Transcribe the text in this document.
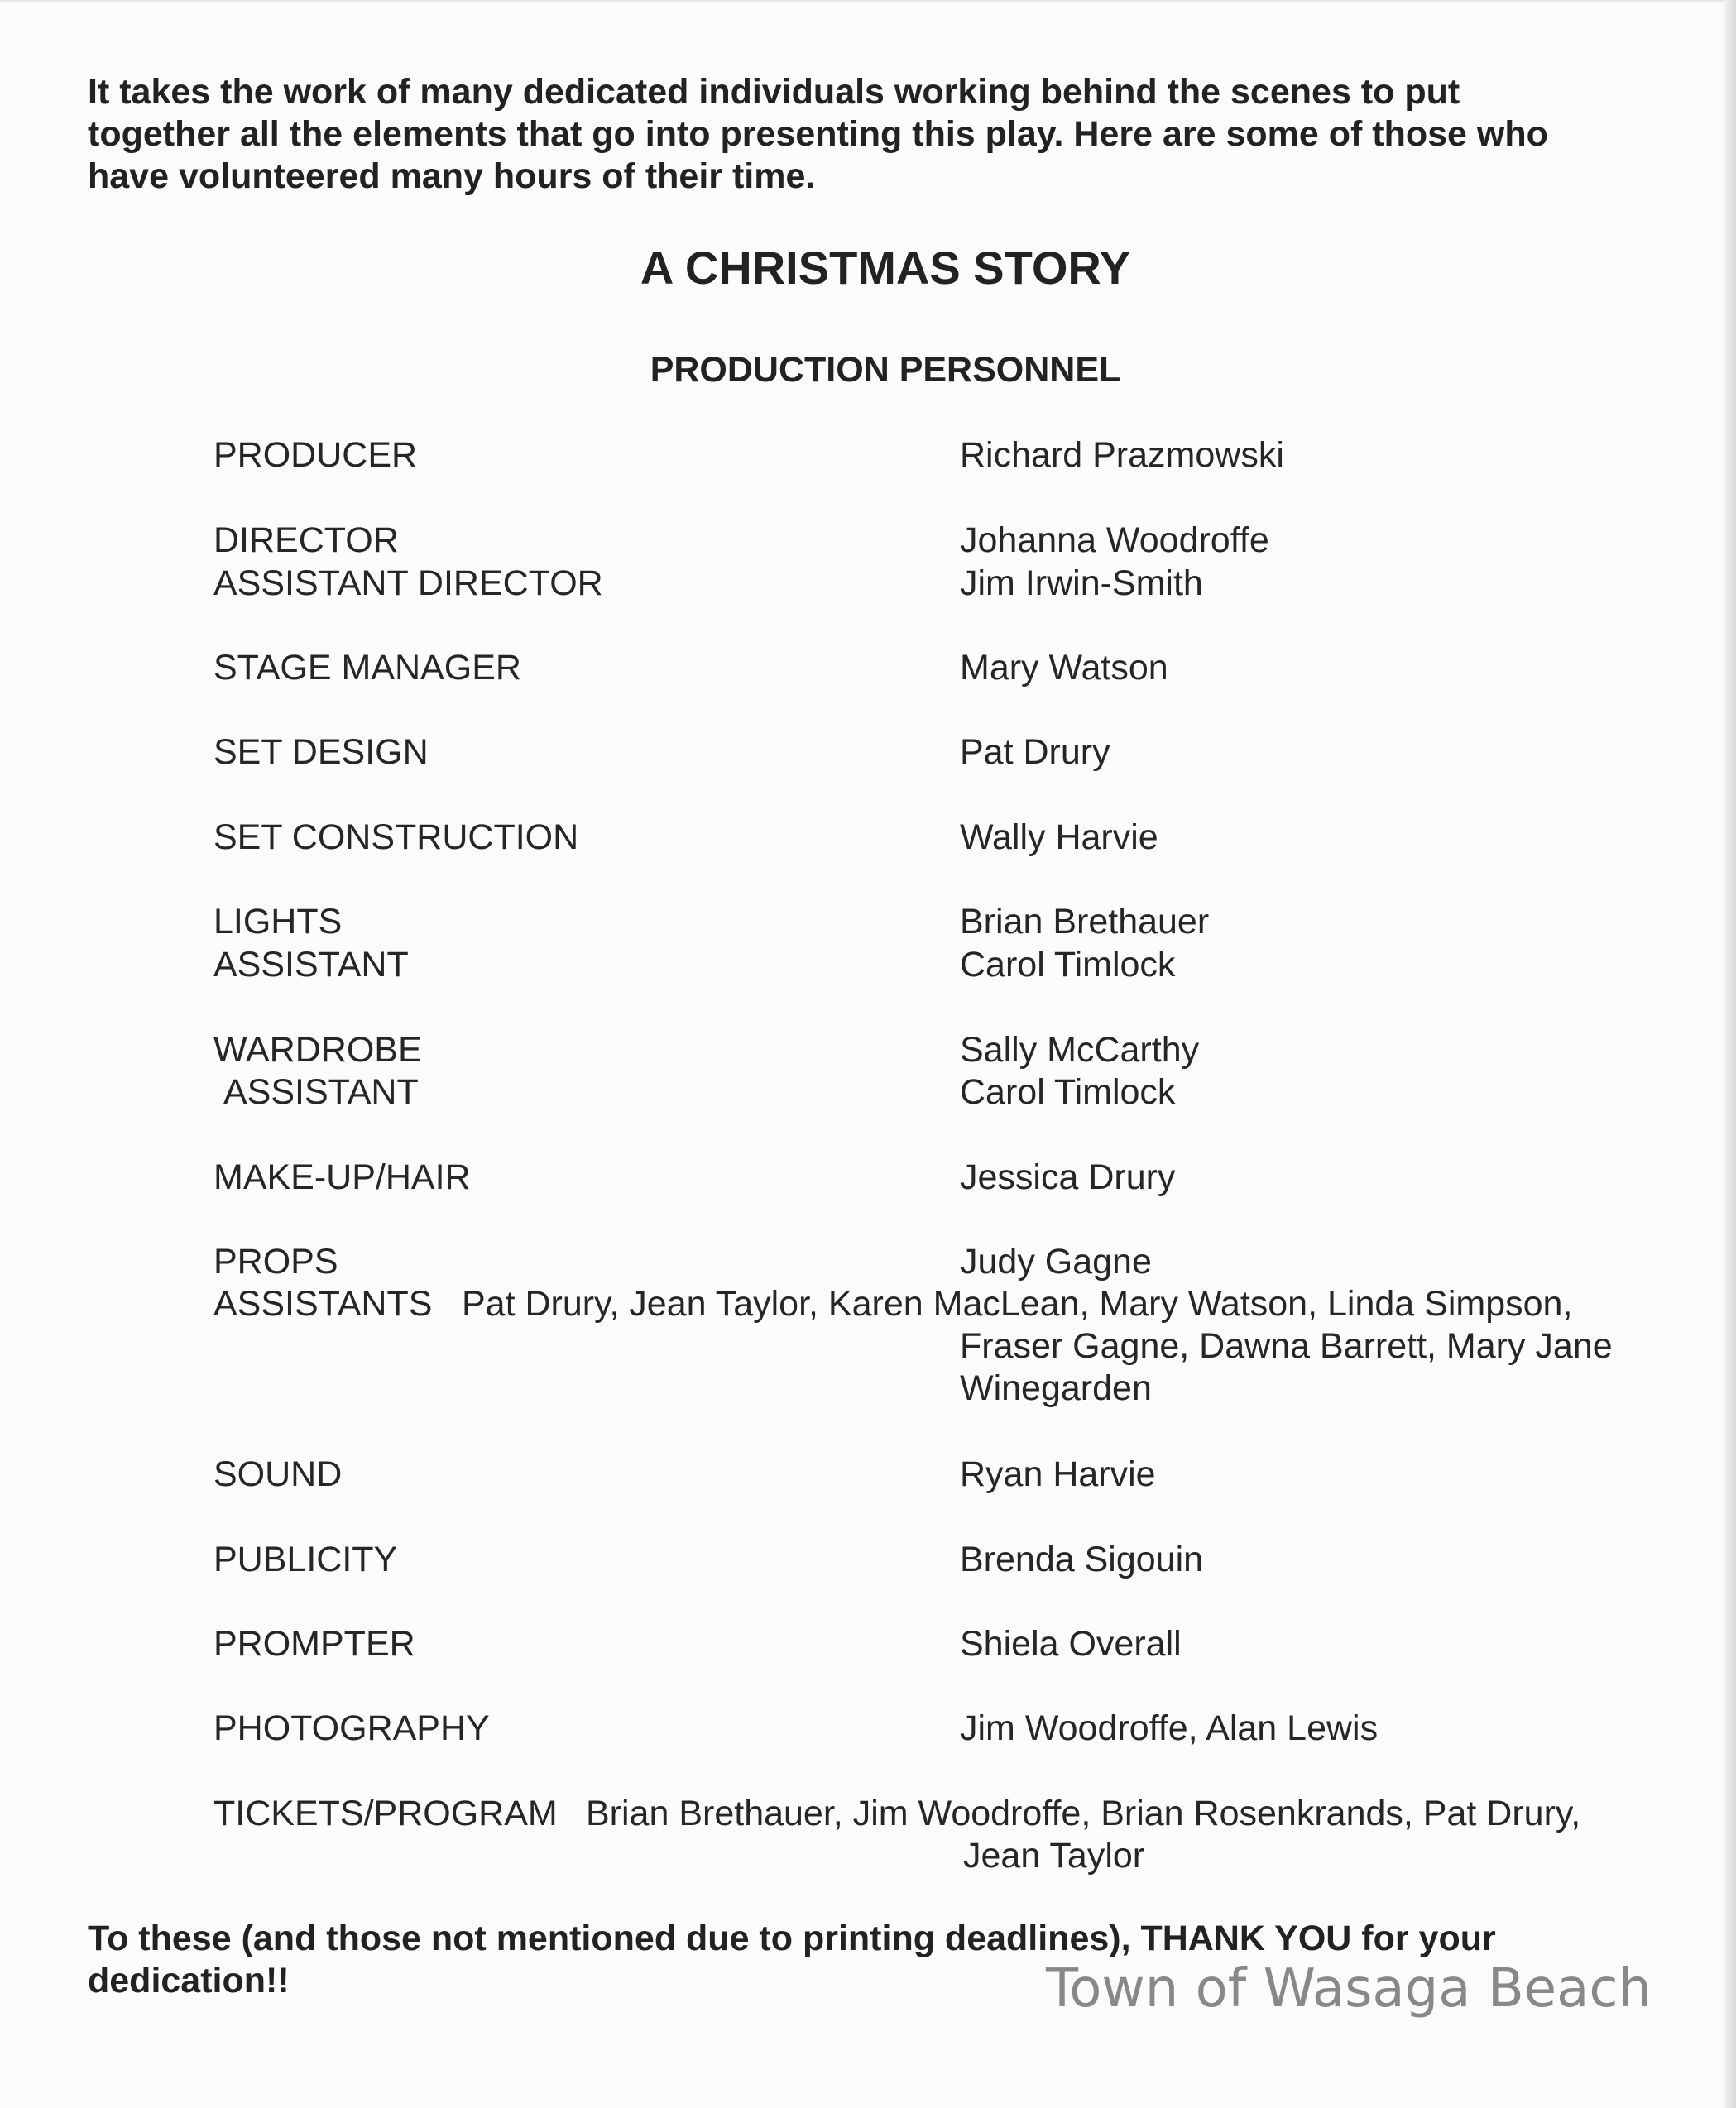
It takes the work of many dedicated individuals working behind the scenes to put
together all the elements that go into presenting this play. Here are some of those who
have volunteered many hours of their time.
A CHRISTMAS STORY
PRODUCTION PERSONNEL
PRODUCER	Richard Prazmowski
DIRECTOR	Johanna Woodroffe
ASSISTANT DIRECTOR	Jim Irwin-Smith
STAGE MANAGER	Mary Watson
SET DESIGN	Pat Drury
SET CONSTRUCTION	Wally Harvie
LIGHTS	Brian Brethauer
ASSISTANT	Carol Timlock
WARDROBE	Sally McCarthy
ASSISTANT	Carol Timlock
MAKE-UP/HAIR	Jessica Drury
PROPS	Judy Gagne
ASSISTANTS Pat Drury, Jean Taylor, Karen MacLean, Mary Watson, Linda Simpson,
Fraser Gagne, Dawna Barrett, Mary Jane
Winegarden
SOUND	Ryan Harvie
PUBLICITY	Brenda Sigouin
PROMPTER	Shiela Overall
PHOTOGRAPHY	Jim Woodroffe, Alan Lewis
TICKETS/PROGRAM Brian Brethauer, Jim Woodroffe, Brian Rosenkrands, Pat Drury,
Jean Taylor
To these (and those not mentioned due to printing deadlines), THANK YOU for your
dedication!!	Town of Wasaga Beach
